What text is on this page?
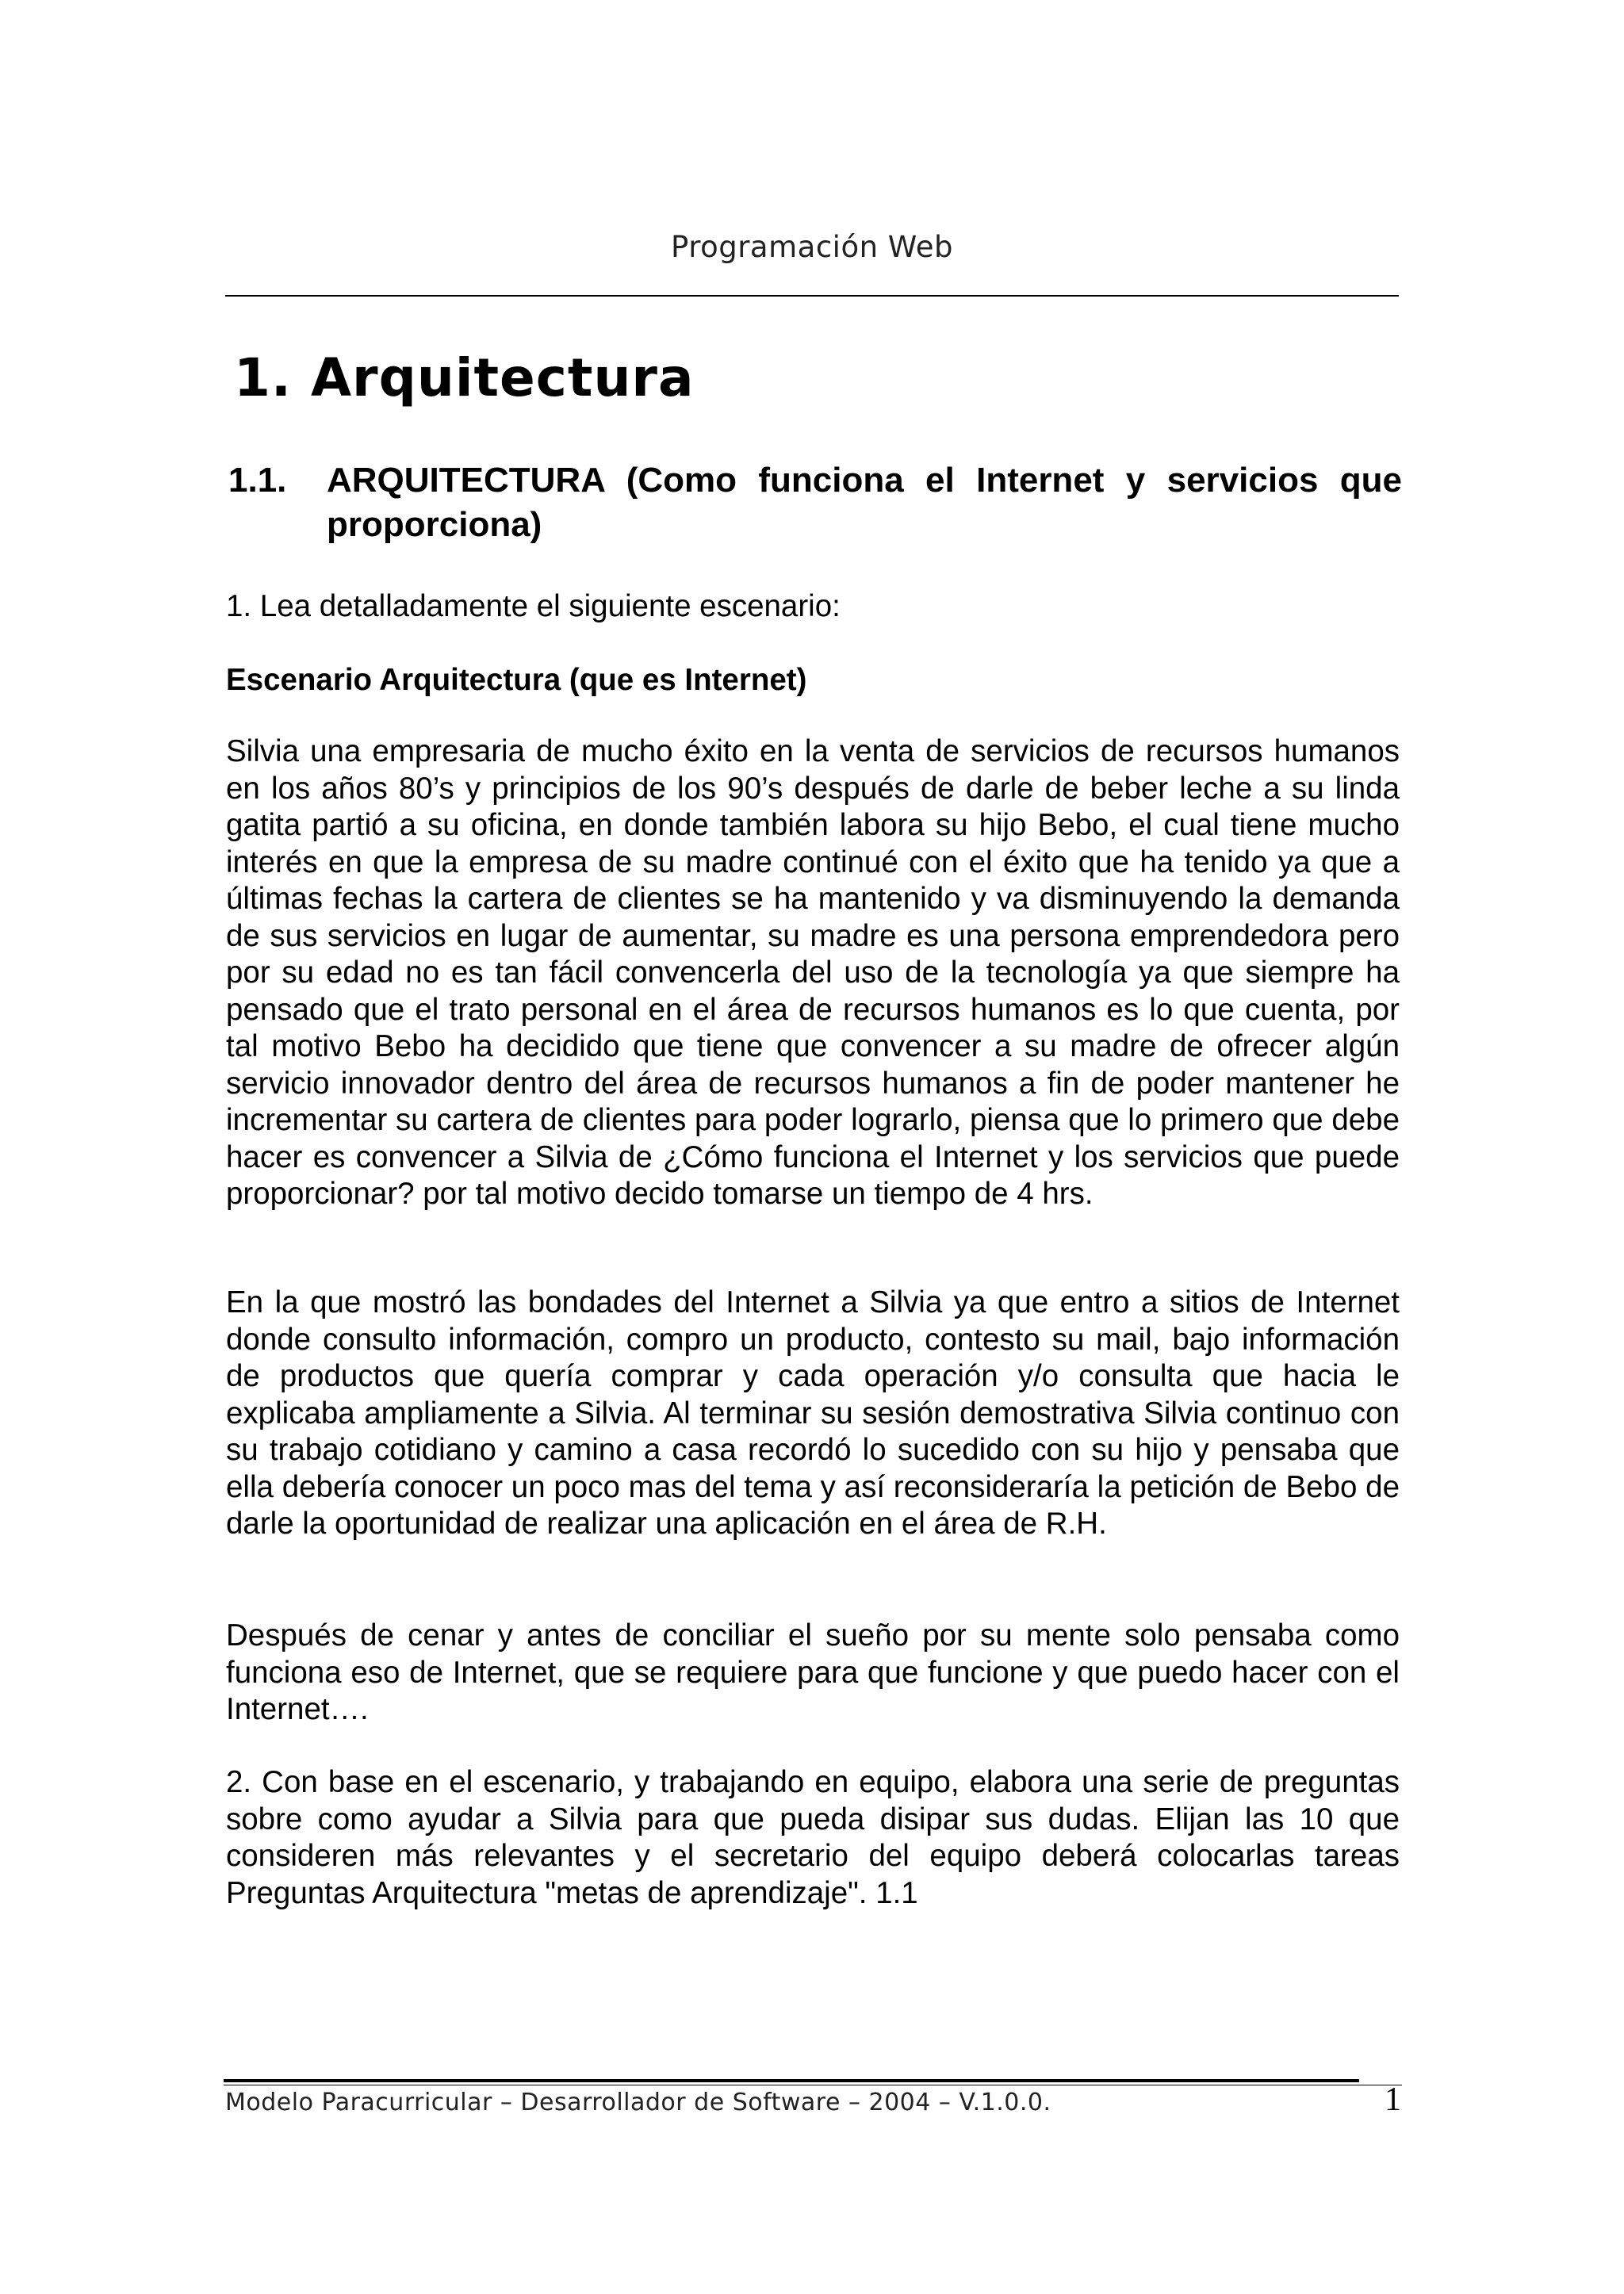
Programación Web
1. Arquitectura
1.1. ARQUITECTURA (Como funciona el Internet y servicios que proporciona)

1. Lea detalladamente el siguiente escenario:

Escenario Arquitectura (que es Internet)

Silvia una empresaria de mucho éxito en la venta de servicios de recursos humanos en los años 80’s y principios de los 90’s después de darle de beber leche a su linda gatita partió a su oficina, en donde también labora su hijo Bebo, el cual tiene mucho interés en que la empresa de su madre continué con el éxito que ha tenido ya que a últimas fechas la cartera de clientes se ha mantenido y va disminuyendo la demanda de sus servicios en lugar de aumentar, su madre es una persona emprendedora pero por su edad no es tan fácil convencerla del uso de la tecnología ya que siempre ha pensado que el trato personal en el área de recursos humanos es lo que cuenta, por tal motivo Bebo ha decidido que tiene que convencer a su madre de ofrecer algún servicio innovador dentro del área de recursos humanos a fin de poder mantener he incrementar su cartera de clientes para poder lograrlo, piensa que lo primero que debe hacer es convencer a Silvia de ¿Cómo funciona el Internet y los servicios que puede proporcionar? por tal motivo decido tomarse un tiempo de 4 hrs.

En la que mostró las bondades del Internet a Silvia ya que entro a sitios de Internet donde consulto información, compro un producto, contesto su mail, bajo información de productos que quería comprar y cada operación y/o consulta que hacia le explicaba ampliamente a Silvia. Al terminar su sesión demostrativa Silvia continuo con su trabajo cotidiano y camino a casa recordó lo sucedido con su hijo y pensaba que ella debería conocer un poco mas del tema y así reconsideraría la petición de Bebo de darle la oportunidad de realizar una aplicación en el área de R.H.

Después de cenar y antes de conciliar el sueño por su mente solo pensaba como funciona eso de Internet, que se requiere para que funcione y que puedo hacer con el Internet….

2. Con base en el escenario, y trabajando en equipo, elabora una serie de preguntas sobre como ayudar a Silvia para que pueda disipar sus dudas. Elijan las 10 que consideren más relevantes y el secretario del equipo deberá colocarlas tareas Preguntas Arquitectura "metas de aprendizaje". 1.1

Modelo Paracurricular – Desarrollador de Software – 2004 – V.1.0.0.	1
